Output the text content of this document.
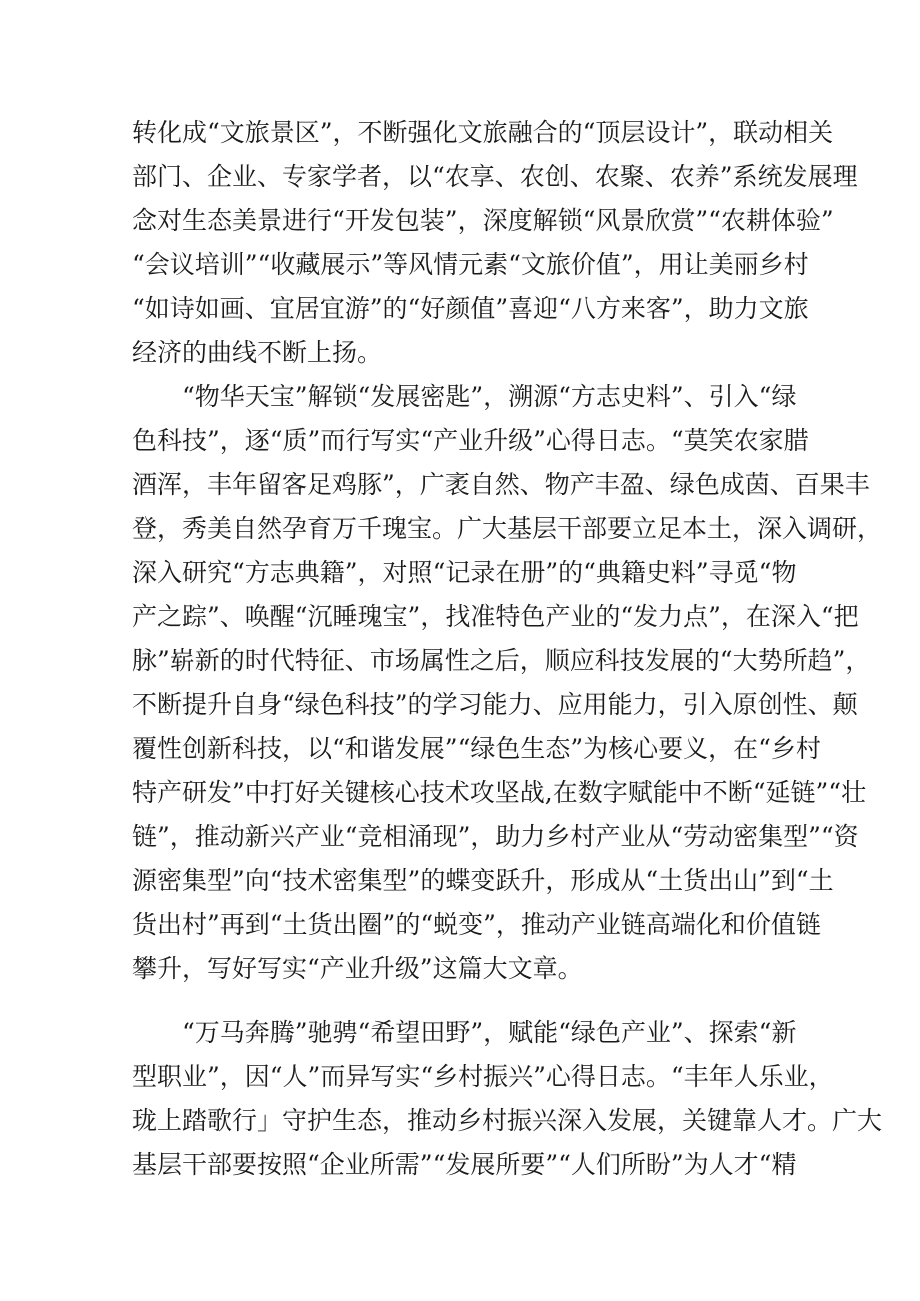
转化成“文旅景区”，不断强化文旅融合的“顶层设计”，联动相关
部门、企业、专家学者，以“农享、农创、农聚、农养”系统发展理
念对生态美景进行“开发包装”，深度解锁“风景欣赏”“农耕体验”
“会议培训”“收藏展示”等风情元素“文旅价值”，用让美丽乡村
“如诗如画、宜居宜游”的“好颜值”喜迎“八方来客”，助力文旅
经济的曲线不断上扬。
“物华天宝”解锁“发展密匙”，溯源“方志史料”、引入“绿
色科技”，逐“质”而行写实“产业升级”心得日志。“莫笑农家腊
酒浑，丰年留客足鸡豚”，广袤自然、物产丰盈、绿色成茵、百果丰
登，秀美自然孕育万千瑰宝。广大基层干部要立足本土，深入调研，
深入研究“方志典籍”，对照“记录在册”的“典籍史料”寻觅“物
产之踪”、唤醒“沉睡瑰宝”，找准特色产业的“发力点”，在深入“把
脉”崭新的时代特征、市场属性之后，顺应科技发展的“大势所趋”，
不断提升自身“绿色科技”的学习能力、应用能力，引入原创性、颠
覆性创新科技，以“和谐发展”“绿色生态”为核心要义，在“乡村
特产研发”中打好关键核心技术攻坚战,在数字赋能中不断“延链”“壮
链”，推动新兴产业“竞相涌现”，助力乡村产业从“劳动密集型”“资
源密集型”向“技术密集型”的蝶变跃升，形成从“土货出山”到“土
货出村”再到“土货出圈”的“蜕变”，推动产业链高端化和价值链
攀升，写好写实“产业升级”这篇大文章。
“万马奔腾”驰骋“希望田野”，赋能“绿色产业”、探索“新
型职业”，因“人”而异写实“乡村振兴”心得日志。“丰年人乐业，
珑上踏歌行」守护生态，推动乡村振兴深入发展，关键靠人才。广大
基层干部要按照“企业所需”“发展所要”“人们所盼”为人才“精
